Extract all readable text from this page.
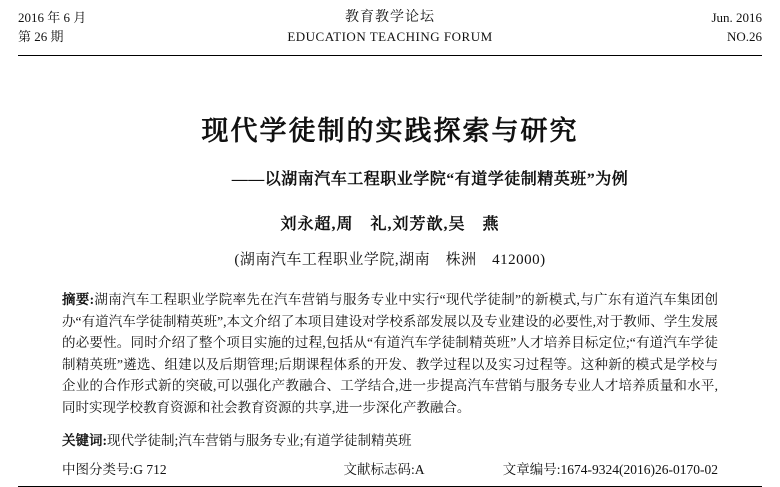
2016 年 6 月
第 26 期
教育教学论坛
EDUCATION TEACHING FORUM
Jun. 2016
NO.26
现代学徒制的实践探索与研究
——以湖南汽车工程职业学院“有道学徒制精英班”为例
刘永超,周　礼,刘芳歆,吴　燕
(湖南汽车工程职业学院,湖南　株洲　412000)
摘要:湖南汽车工程职业学院率先在汽车营销与服务专业中实行“现代学徒制”的新模式,与广东有道汽车集团创办“有道汽车学徒制精英班”,本文介绍了本项目建设对学校系部发展以及专业建设的必要性,对于教师、学生发展的必要性。同时介绍了整个项目实施的过程,包括从“有道汽车学徒制精英班”人才培养目标定位;“有道汽车学徒制精英班”遴选、组建以及后期管理;后期课程体系的开发、教学过程以及实习过程等。这种新的模式是学校与企业的合作形式新的突破,可以强化产教融合、工学结合,进一步提高汽车营销与服务专业人才培养质量和水平,同时实现学校教育资源和社会教育资源的共享,进一步深化产教融合。
关键词:现代学徒制;汽车营销与服务专业;有道学徒制精英班
中图分类号:G 712	文献标志码:A	文章编号:1674-9324(2016)26-0170-02
